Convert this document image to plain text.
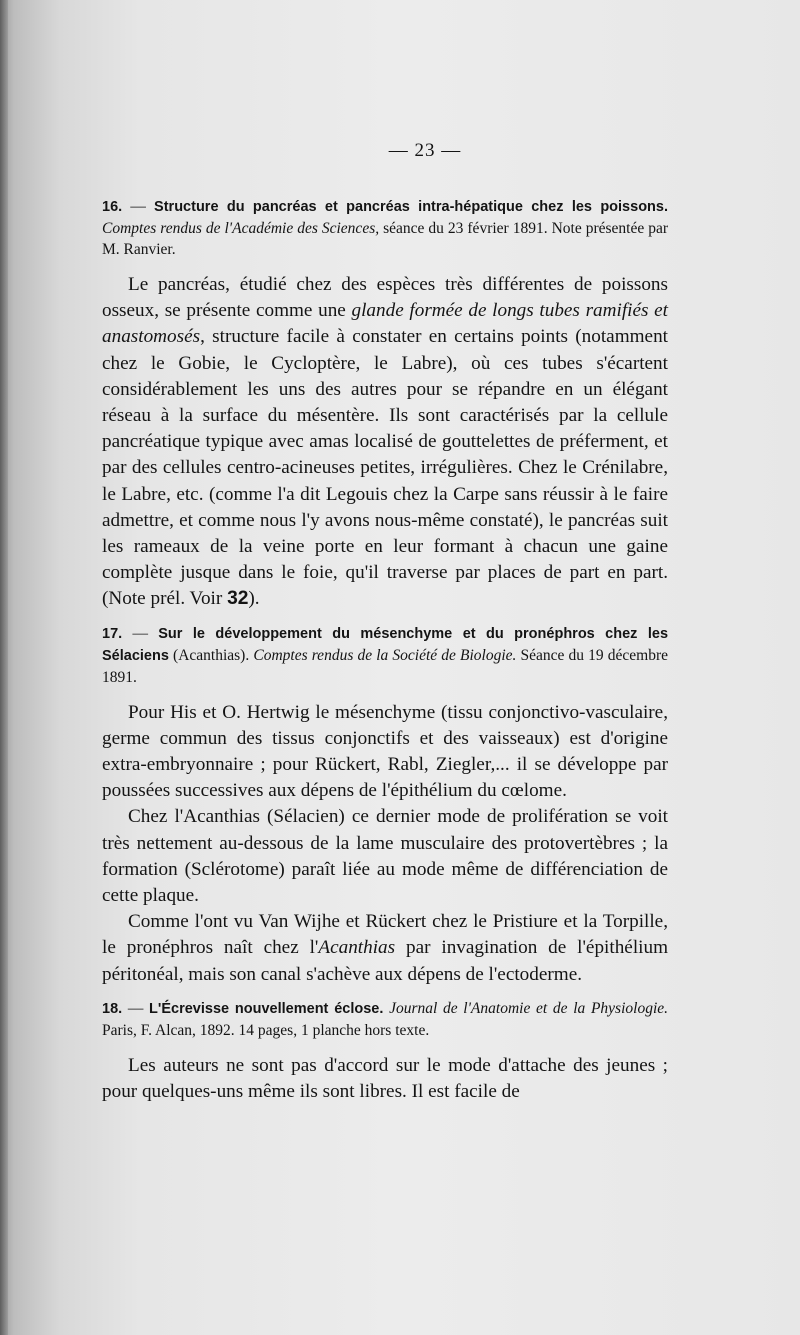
— 23 —

16. — Structure du pancréas et pancréas intra-hépatique chez les poissons. Comptes rendus de l'Académie des Sciences, séance du 23 février 1891. Note présentée par M. Ranvier.

Le pancréas, étudié chez des espèces très différentes de poissons osseux, se présente comme une glande formée de longs tubes ramifiés et anastomosés, structure facile à constater en certains points (notamment chez le Gobie, le Cycloptère, le Labre), où ces tubes s'écartent considérablement les uns des autres pour se répandre en un élégant réseau à la surface du mésentère. Ils sont caractérisés par la cellule pancréatique typique avec amas localisé de gouttelettes de préferment, et par des cellules centro-acineuses petites, irrégulières. Chez le Crénilabre, le Labre, etc. (comme l'a dit Legouis chez la Carpe sans réussir à le faire admettre, et comme nous l'y avons nous-même constaté), le pancréas suit les rameaux de la veine porte en leur formant à chacun une gaine complète jusque dans le foie, qu'il traverse par places de part en part. (Note prél. Voir 32).

17. — Sur le développement du mésenchyme et du pronéphros chez les Sélaciens (Acanthias). Comptes rendus de la Société de Biologie. Séance du 19 décembre 1891.

Pour His et O. Hertwig le mésenchyme (tissu conjonctivo-vasculaire, germe commun des tissus conjonctifs et des vaisseaux) est d'origine extra-embryonnaire ; pour Rückert, Rabl, Ziegler,... il se développe par poussées successives aux dépens de l'épithélium du cœlome.

Chez l'Acanthias (Sélacien) ce dernier mode de prolifération se voit très nettement au-dessous de la lame musculaire des protovertèbres ; la formation (Sclérotome) paraît liée au mode même de différenciation de cette plaque.

Comme l'ont vu Van Wijhe et Rückert chez le Pristiure et la Torpille, le pronéphros naît chez l'Acanthias par invagination de l'épithélium péritonéal, mais son canal s'achève aux dépens de l'ectoderme.

18. — L'Écrevisse nouvellement éclose. Journal de l'Anatomie et de la Physiologie. Paris, F. Alcan, 1892. 14 pages, 1 planche hors texte.

Les auteurs ne sont pas d'accord sur le mode d'attache des jeunes ; pour quelques-uns même ils sont libres. Il est facile de
